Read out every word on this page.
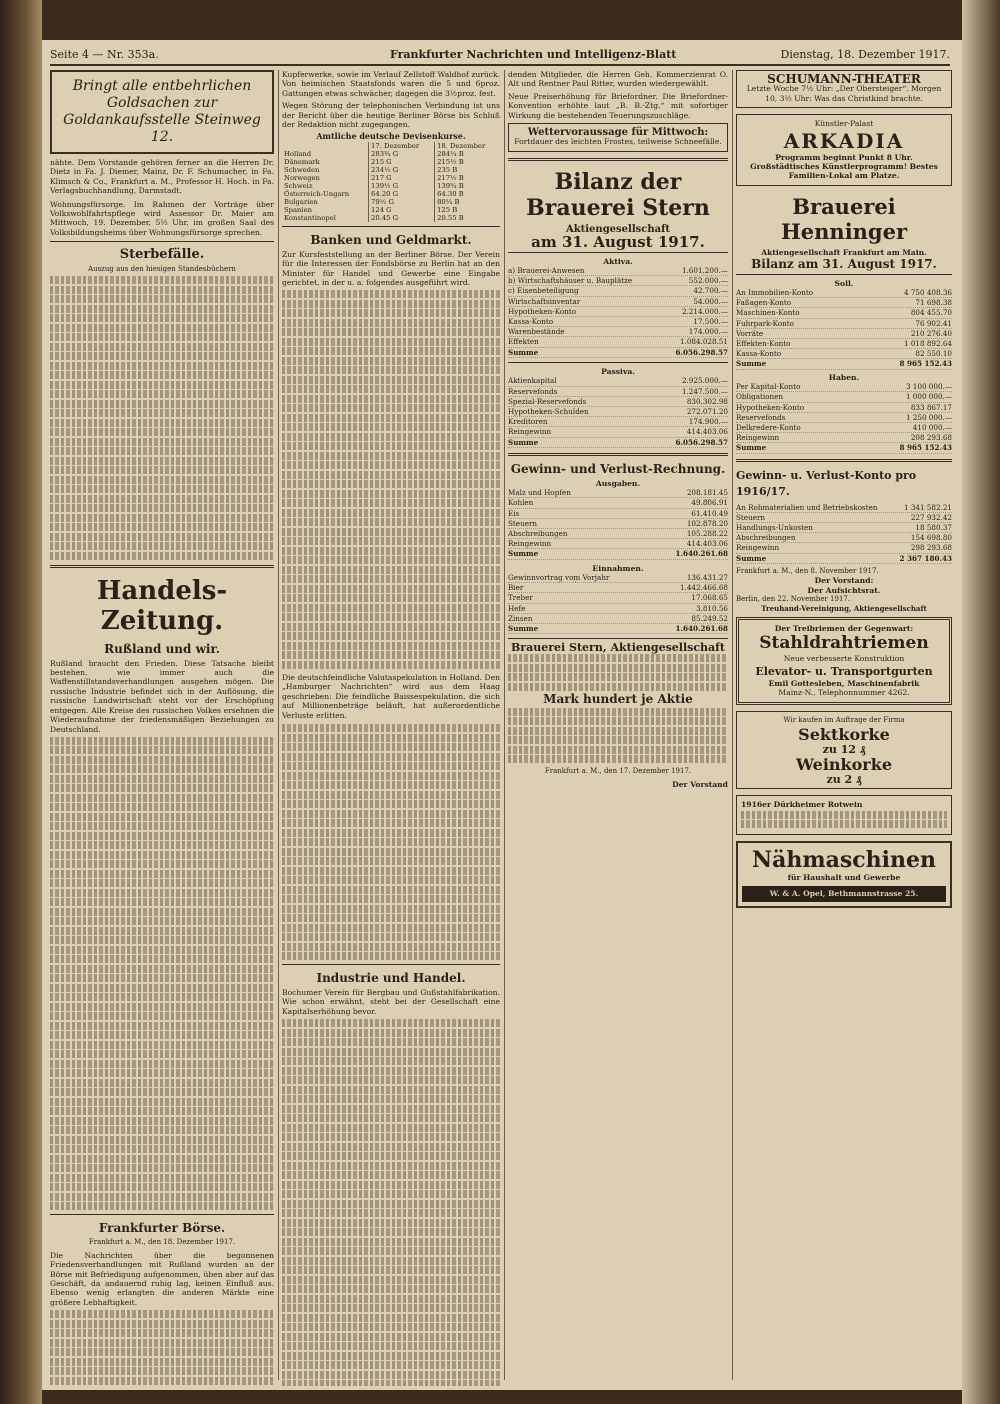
Seite 4 — Nr. 353a.	Frankfurter Nachrichten und Intelligenz-Blatt	Dienstag, 18. Dezember 1917.
Bringt alle entbehrlichen Goldsachen zur Goldankaufsstelle Steinweg 12.

nähte. Dem Vorstande gehören ferner an die Herren Dr. Dietz in Fa. J. Diemer, Mainz, Dr. F. Schumacher, in Fa. Klimsch & Co., Frankfurt a. M., Professor H. Hoch. in Fa. Verlagsbuchhandlung, Darmstadt.

Wohnungsfürsorge. Im Rahmen der Vorträge über Volkswohlfahrtspflege wird Assessor Dr. Maier am Mittwoch, 19. Dezember, 5½ Uhr, im großen Saal des Volksbildungsheims über Wohnungsfürsorge sprechen.

Sterbefälle.
Auszug aus den hiesigen Standesbüchern
Handels-Zeitung.
Rußland und wir.

Rußland braucht den Frieden. Diese Tatsache bleibt bestehen, wie immer auch die Waffenstillstandsverhandlungen ausgehen mögen. Die russische Industrie befindet sich in der Auflösung, die russische Landwirtschaft steht vor der Erschöpfung entgegen. Alle Kreise des russischen Volkes ersehnen die Wiederaufnahme der friedensmäßigen Beziehungen zu Deutschland.

Frankfurter Börse.
Frankfurt a. M., den 18. Dezember 1917.

Die Nachrichten über die begonnenen Friedensverhandlungen mit Rußland wurden an der Börse mit Befriedigung aufgenommen, üben aber auf das Geschäft, da andauernd ruhig lag, keinen Einfluß aus. Ebenso wenig erlangten die anderen Märkte eine größere Lebhaftigkeit.

Kupferwerke, sowie im Verlauf Zellstoff Waldhof zurück. Von heimischen Staatsfonds waren die 5 und 6proz. Gattungen etwas schwächer, dagegen die 3½proz. fest.

Wegen Störung der telephonischen Verbindung ist uns der Bericht über die heutige Berliner Börse bis Schluß der Redaktion nicht zugegangen.

Amtliche deutsche Devisenkurse.
	17. Dezember	18. Dezember
Holland	283¾ G	284¼ B
Dänemark	215 G	215½ B
Schweden	234½ G	235 B
Norwegen	217 G	217½ B
Schweiz	139½ G	139¾ B
Österreich-Ungarn	64.20 G	64.30 B
Bulgarien	79½ G	80¼ B
Spanien	124 G	125 B
Konstantinopel	20.45 G	20.55 B
Banken und Geldmarkt.

Zur Kursfeststellung an der Berliner Börse. Der Verein für die Interessen der Fondsbörse zu Berlin hat an den Minister für Handel und Gewerbe eine Eingabe gerichtet, in der u. a. folgendes ausgeführt wird.

Die deutschfeindliche Valutaspekulation in Holland. Den „Hamburger Nachrichten“ wird aus dem Haag geschrieben: Die feindliche Baissespekulation, die sich auf Millionenbeträge beläuft, hat außerordentliche Verluste erlitten.

Industrie und Handel.

Bochumer Verein für Bergbau und Gußstahlfabrikation. Wie schon erwähnt, steht bei der Gesellschaft eine Kapitalserhöhung bevor.

denden Mitglieder, die Herren Geh. Kommerzienrat O. Alt und Rentner Paul Ritter, wurden wiedergewählt.

Neue Preiserhöhung für Briefordner. Die Briefordner-Konvention erhöhte laut „B. B.-Ztg.“ mit sofortiger Wirkung die bestehenden Teuerungszuschläge.

Wettervoraussage für Mittwoch:
Fortdauer des leichten Frostes, teilweise Schneefälle.
Bilanz der Brauerei Stern
Aktiengesellschaft
am 31. August 1917.
Aktiva.
a) Brauerei-Anwesen	1.601.200.—
b) Wirtschaftshäuser u. Bauplätze	552.000.—
c) Eisenbeteiligung	42.700.—
Wirtschaftsinventar	54.000.—
Hypotheken-Konto	2.214.000.—
Kassa-Konto	17.500.—
Warenbestände	174.000.—
Effekten	1.084.028.51
Summe	6.056.298.57
Passiva.
Aktienkapital	2.925.000.—
Reservefonds	1.247.500.—
Spezial-Reservefonds	830.302.98
Hypotheken-Schulden	272.071.20
Kreditoren	174.900.—
Reingewinn	414.403.06
Summe	6.056.298.57
Gewinn- und Verlust-Rechnung.
Ausgaben.
Malz und Hopfen	208.181.45
Kohlen	49.806.91
Eis	61.410.49
Steuern	102.878.20
Abschreibungen	105.288.22
Reingewinn	414.403.06
Summe	1.640.261.68
Einnahmen.
Gewinnvortrag vom Vorjahr	136.431.27
Bier	1.442.466.68
Treber	17.068.65
Hefe	3.810.56
Zinsen	85.249.52
Summe	1.640.261.68
Brauerei Stern, Aktiengesellschaft
Mark hundert je Aktie
Frankfurt a. M., den 17. Dezember 1917.
Der Vorstand
SCHUMANN-THEATER
Letzte Woche 7½ Uhr: „Der Obersteiger“. Morgen 10, 3½ Uhr: Was das Christkind brachte.
Künstler-Palast
ARKADIA
Programm beginnt Punkt 8 Uhr. Großstädtisches Künstlerprogramm! Bestes Familien-Lokal am Platze.
Brauerei Henninger
Aktiengesellschaft Frankfurt am Main.
Bilanz am 31. August 1917.
Soll.
An Immobilien-Konto	4 750 408.36
Faßagen-Konto	71 698.38
Maschinen-Konto	804 455.70
Fuhrpark-Konto	76 902.41
Vorräte	210 276.40
Effekten-Konto	1 018 892.64
Kassa-Konto	82 550.10
Summe	8 965 152.43
Haben.
Per Kapital-Konto	3 100 000.—
Obligationen	1 000 000.—
Hypotheken-Konto	833 867.17
Reservefonds	1 250 000.—
Delkredere-Konto	410 000.—
Reingewinn	208 293.68
Summe	8 965 152.43
Gewinn- u. Verlust-Konto pro 1916/17.
An Rohmaterialien und Betriebskosten	1 341 582.21
Steuern	227 932.42
Handlungs-Unkosten	18 580.37
Abschreibungen	154 698.80
Reingewinn	298 293.68
Summe	2 367 180.43
Frankfurt a. M., den 8. November 1917.
Der Vorstand:
Der Aufsichtsrat.
Berlin, den 22. November 1917.
Treuhand-Vereinigung, Aktiengesellschaft
Der Treibriemen der Gegenwart:
Stahldrahtriemen
Neue verbesserte Konstruktion
Elevator- u. Transportgurten
Emil Gottesleben, Maschinenfabrik
Mainz-N., Telephonnummer 4262.
Wir kaufen im Auftrage der Firma
Sektkorke
zu 12 ₰
Weinkorke
zu 2 ₰
1916er Dürkheimer Rotwein
Nähmaschinen
für Haushalt und Gewerbe
W. & A. Opel, Bethmannstrasse 25.
